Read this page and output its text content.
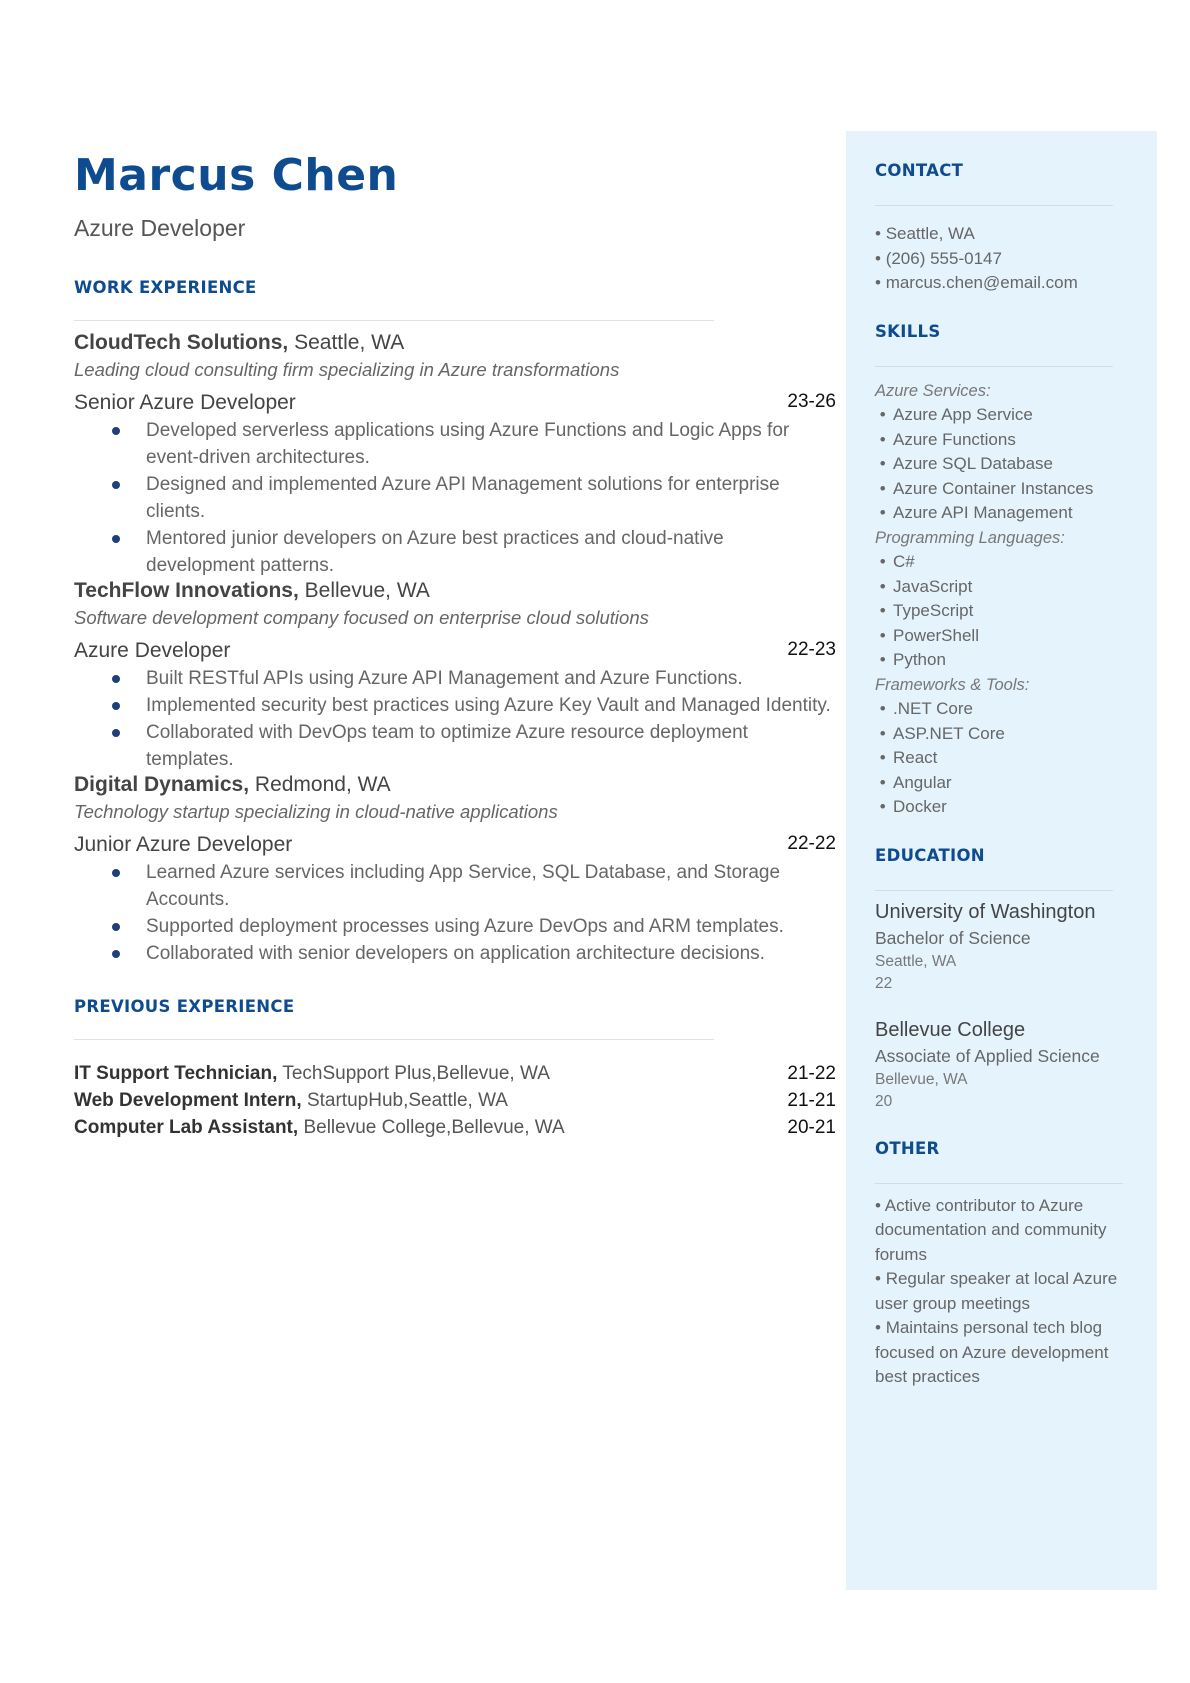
Marcus Chen
Azure Developer
WORK EXPERIENCE
CloudTech Solutions, Seattle, WA
Leading cloud consulting firm specializing in Azure transformations
Senior Azure Developer	23-26
Developed serverless applications using Azure Functions and Logic Apps for event-driven architectures.
Designed and implemented Azure API Management solutions for enterprise clients.
Mentored junior developers on Azure best practices and cloud-native development patterns.
TechFlow Innovations, Bellevue, WA
Software development company focused on enterprise cloud solutions
Azure Developer	22-23
Built RESTful APIs using Azure API Management and Azure Functions.
Implemented security best practices using Azure Key Vault and Managed Identity.
Collaborated with DevOps team to optimize Azure resource deployment templates.
Digital Dynamics, Redmond, WA
Technology startup specializing in cloud-native applications
Junior Azure Developer	22-22
Learned Azure services including App Service, SQL Database, and Storage Accounts.
Supported deployment processes using Azure DevOps and ARM templates.
Collaborated with senior developers on application architecture decisions.
PREVIOUS EXPERIENCE
IT Support Technician, TechSupport Plus,Bellevue, WA	21-22
Web Development Intern, StartupHub,Seattle, WA	21-21
Computer Lab Assistant, Bellevue College,Bellevue, WA	20-21
CONTACT
• Seattle, WA
• (206) 555-0147
• marcus.chen@email.com
SKILLS
Azure Services:
• Azure App Service
• Azure Functions
• Azure SQL Database
• Azure Container Instances
• Azure API Management
Programming Languages:
• C#
• JavaScript
• TypeScript
• PowerShell
• Python
Frameworks & Tools:
• .NET Core
• ASP.NET Core
• React
• Angular
• Docker
EDUCATION
University of Washington
Bachelor of Science
Seattle, WA
22
Bellevue College
Associate of Applied Science
Bellevue, WA
20
OTHER
• Active contributor to Azure documentation and community forums
• Regular speaker at local Azure user group meetings
• Maintains personal tech blog focused on Azure development best practices
